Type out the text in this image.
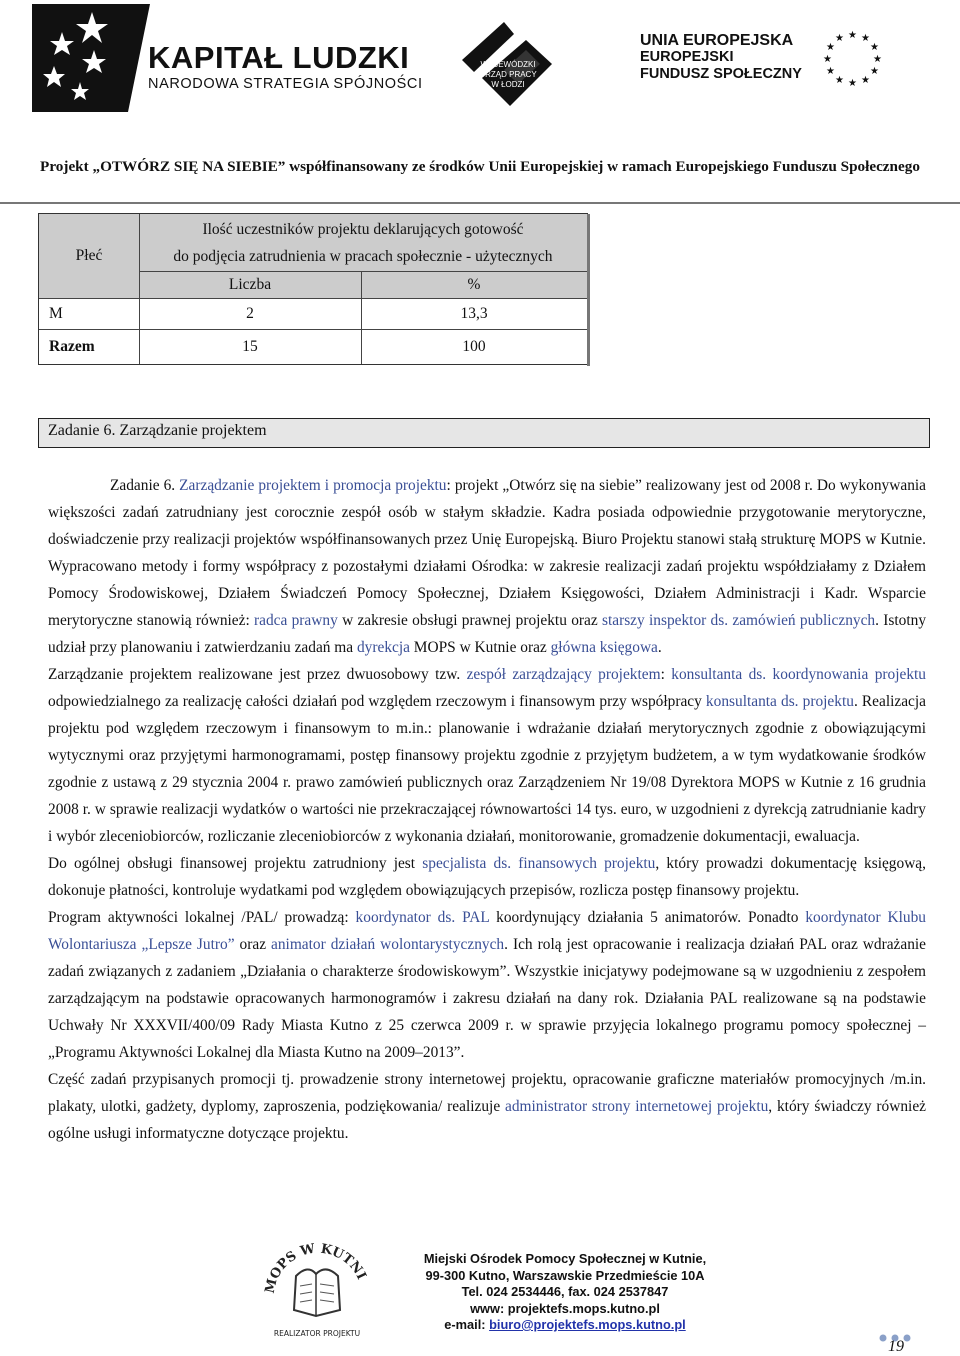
KAPITAŁ LUDZKI
NARODOWA STRATEGIA SPÓJNOŚCI
WOJEWÓDZKI
URZĄD PRACY
W ŁODZI
UNIA EUROPEJSKA
EUROPEJSKI
FUNDUSZ SPOŁECZNY
★ ★
★
★
★
★
★
★
★
★
★
★
Projekt „OTWÓRZ SIĘ NA SIEBIE” współfinansowany ze środków Unii Europejskiej w ramach Europejskiego Funduszu Społecznego
Płeć
Ilość uczestników projektu deklarujących gotowość
do podjęcia zatrudnienia w pracach społecznie - użytecznych
Liczba	%
M	2	13,3
Razem	15	100
Zadanie 6. Zarządzanie projektem

Zadanie 6. Zarządzanie projektem i promocja projektu: projekt „Otwórz się na siebie” realizowany jest od 2008 r. Do wykonywania większości zadań zatrudniany jest corocznie zespół osób w stałym składzie. Kadra posiada odpowiednie przygotowanie merytoryczne, doświadczenie przy realizacji projektów współfinansowanych przez Unię Europejską. Biuro Projektu stanowi stałą strukturę MOPS w Kutnie. Wypracowano metody i formy współpracy z pozostałymi działami Ośrodka: w zakresie realizacji zadań projektu współdziałamy z Działem Pomocy Środowiskowej, Działem Świadczeń Pomocy Społecznej, Działem Księgowości, Działem Administracji i Kadr. Wsparcie merytoryczne stanowią również: radca prawny w zakresie obsługi prawnej projektu oraz starszy inspektor ds. zamówień publicznych. Istotny udział przy planowaniu i zatwierdzaniu zadań ma dyrekcja MOPS w Kutnie oraz główna księgowa.

Zarządzanie projektem realizowane jest przez dwuosobowy tzw. zespół zarządzający projektem: konsultanta ds. koordynowania projektu odpowiedzialnego za realizację całości działań pod względem rzeczowym i finansowym przy współpracy konsultanta ds. projektu. Realizacja projektu pod względem rzeczowym i finansowym to m.in.: planowanie i wdrażanie działań merytorycznych zgodnie z obowiązującymi wytycznymi oraz przyjętymi harmonogramami, postęp finansowy projektu zgodnie z przyjętym budżetem, a w tym wydatkowanie środków zgodnie z ustawą z 29 stycznia 2004 r. prawo zamówień publicznych oraz Zarządzeniem Nr 19/08 Dyrektora MOPS w Kutnie z 16 grudnia 2008 r. w sprawie realizacji wydatków o wartości nie przekraczającej równowartości 14 tys. euro, w uzgodnieni z dyrekcją zatrudnianie kadry i wybór zleceniobiorców, rozliczanie zleceniobiorców z wykonania działań, monitorowanie, gromadzenie dokumentacji, ewaluacja.

Do ogólnej obsługi finansowej projektu zatrudniony jest specjalista ds. finansowych projektu, który prowadzi dokumentację księgową, dokonuje płatności, kontroluje wydatkami pod względem obowiązujących przepisów, rozlicza postęp finansowy projektu.

Program aktywności lokalnej /PAL/ prowadzą: koordynator ds. PAL koordynujący działania 5 animatorów. Ponadto koordynator Klubu Wolontariusza „Lepsze Jutro” oraz animator działań wolontarystycznych. Ich rolą jest opracowanie i realizacja działań PAL oraz wdrażanie zadań związanych z zadaniem „Działania o charakterze środowiskowym”. Wszystkie inicjatywy podejmowane są w uzgodnieniu z zespołem zarządzającym na podstawie opracowanych harmonogramów i zakresu działań na dany rok. Działania PAL realizowane są na podstawie Uchwały Nr XXXVII/400/09 Rady Miasta Kutno z 25 czerwca 2009 r. w sprawie przyjęcia lokalnego programu pomocy społecznej – „Programu Aktywności Lokalnej dla Miasta Kutno na 2009–2013”.

Część zadań przypisanych promocji tj. prowadzenie strony internetowej projektu, opracowanie graficzne materiałów promocyjnych /m.in. plakaty, ulotki, gadżety, dyplomy, zaproszenia, podziękowania/ realizuje administrator strony internetowej projektu, który świadczy również ogólne usługi informatyczne dotyczące projektu.

MOPS W KUTNI
REALIZATOR PROJEKTU
Miejski Ośrodek Pomocy Społecznej w Kutnie,
99-300 Kutno, Warszawskie Przedmieście 10A
Tel. 024 2534446, fax. 024 2537847
www: projektefs.mops.kutno.pl
e-mail: biuro@projektefs.mops.kutno.pl
19
